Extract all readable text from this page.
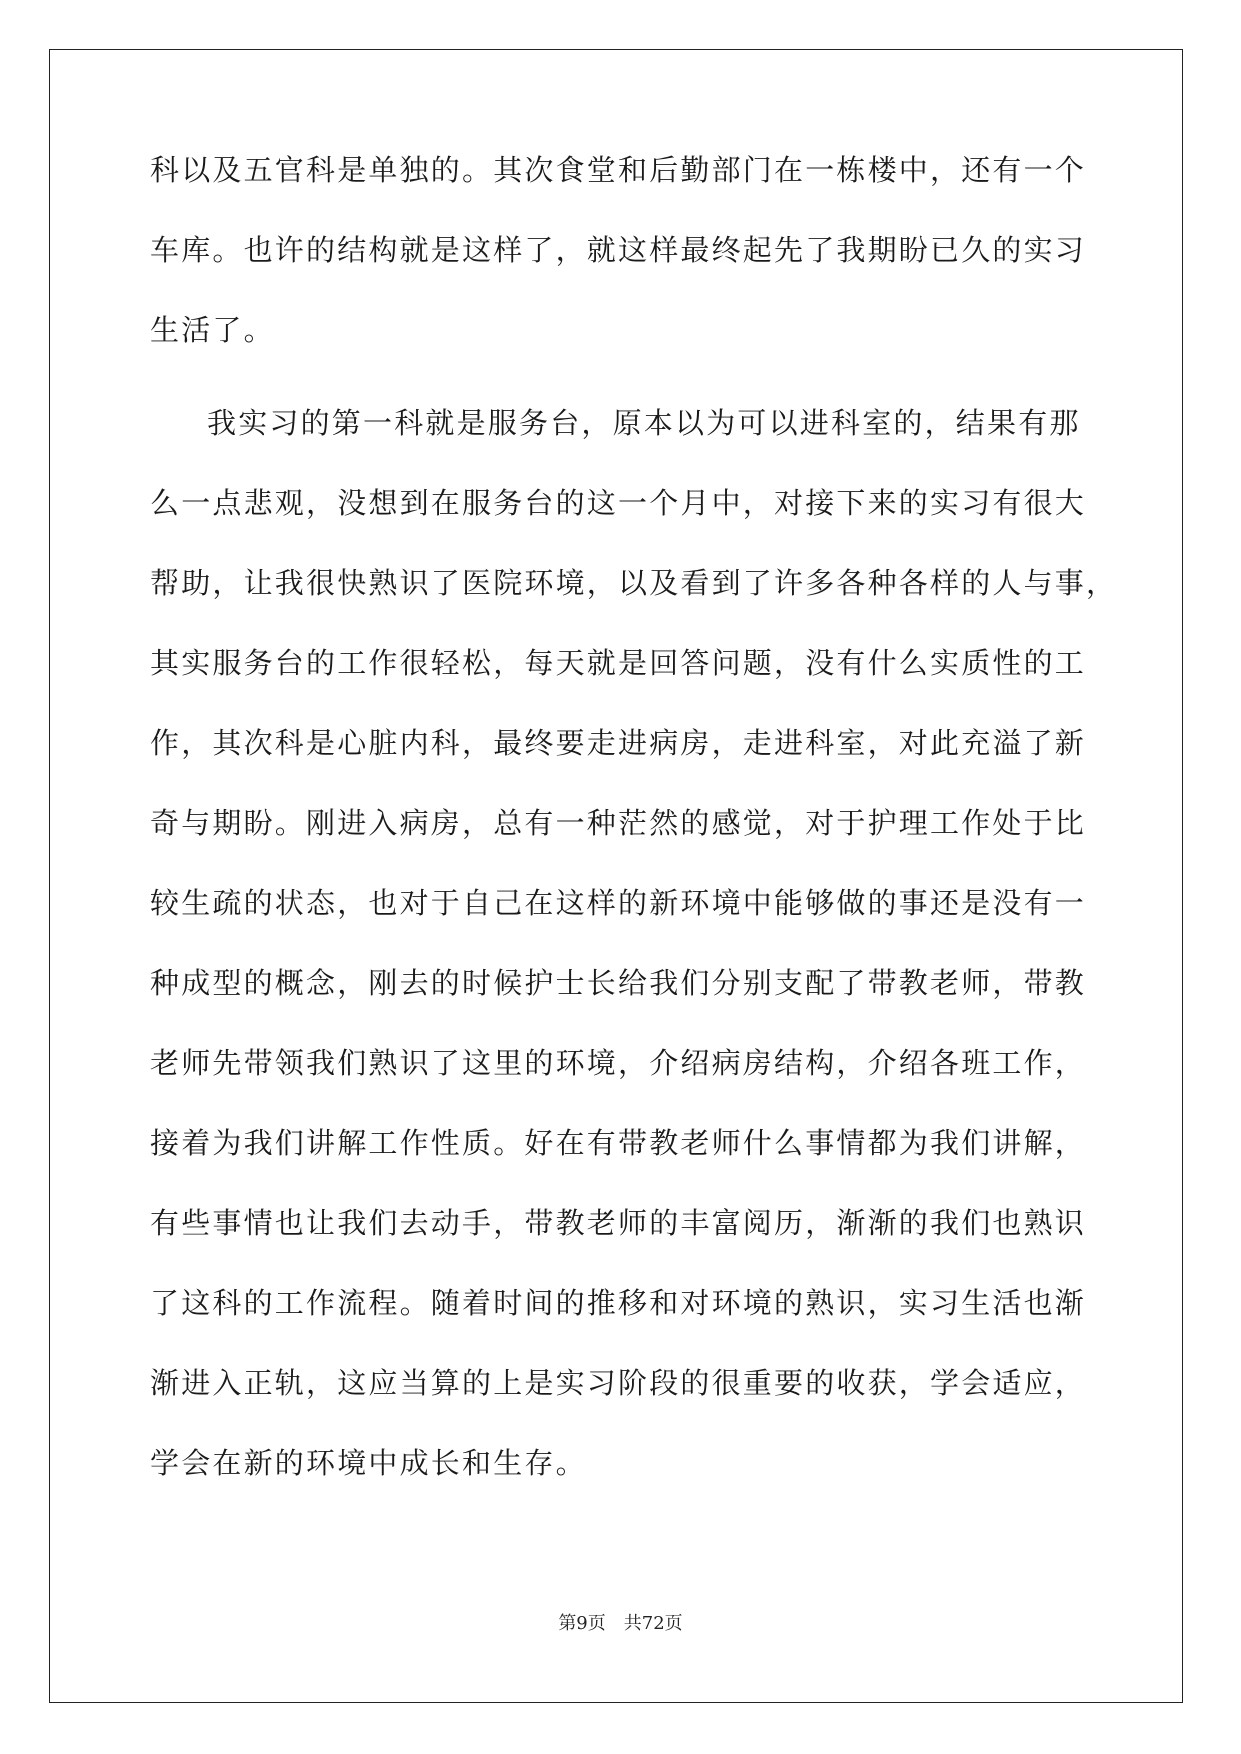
科以及五官科是单独的。其次食堂和后勤部门在一栋楼中，还有一个
车库。也许的结构就是这样了，就这样最终起先了我期盼已久的实习
生活了。
我实习的第一科就是服务台，原本以为可以进科室的，结果有那
么一点悲观，没想到在服务台的这一个月中，对接下来的实习有很大
帮助，让我很快熟识了医院环境，以及看到了许多各种各样的人与事，
其实服务台的工作很轻松，每天就是回答问题，没有什么实质性的工
作，其次科是心脏内科，最终要走进病房，走进科室，对此充溢了新
奇与期盼。刚进入病房，总有一种茫然的感觉，对于护理工作处于比
较生疏的状态，也对于自己在这样的新环境中能够做的事还是没有一
种成型的概念，刚去的时候护士长给我们分别支配了带教老师，带教
老师先带领我们熟识了这里的环境，介绍病房结构，介绍各班工作，
接着为我们讲解工作性质。好在有带教老师什么事情都为我们讲解，
有些事情也让我们去动手，带教老师的丰富阅历，渐渐的我们也熟识
了这科的工作流程。随着时间的推移和对环境的熟识，实习生活也渐
渐进入正轨，这应当算的上是实习阶段的很重要的收获，学会适应，
学会在新的环境中成长和生存。
第9页 共72页
